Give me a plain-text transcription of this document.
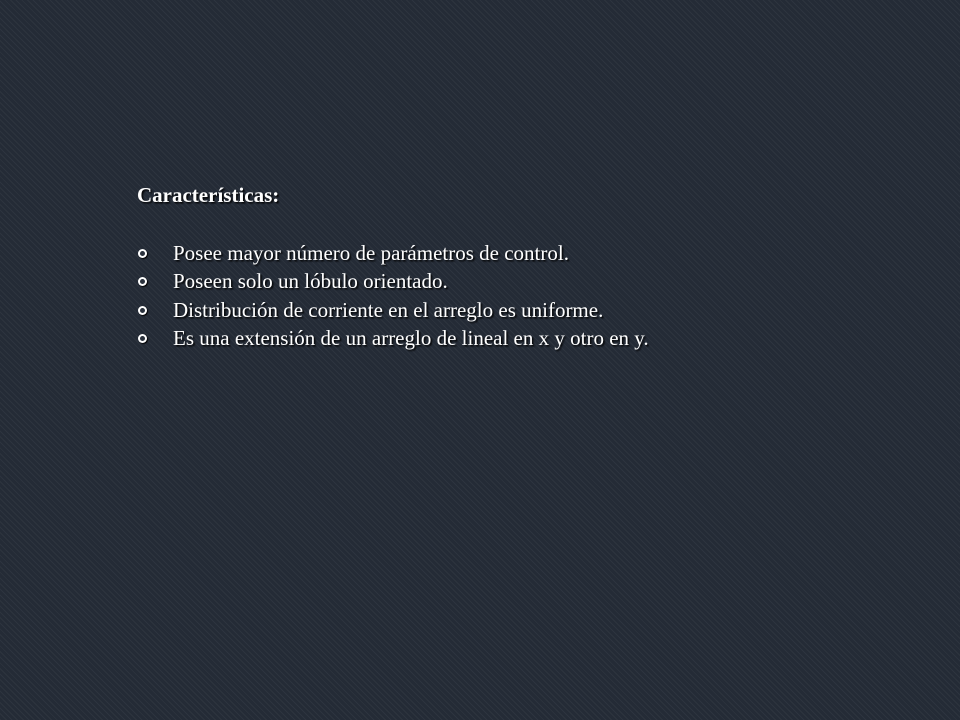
Características:
Posee mayor número de parámetros de control.
Poseen solo un lóbulo orientado.
Distribución de corriente en el arreglo es uniforme.
Es una extensión de un arreglo de lineal en x y otro en y.
